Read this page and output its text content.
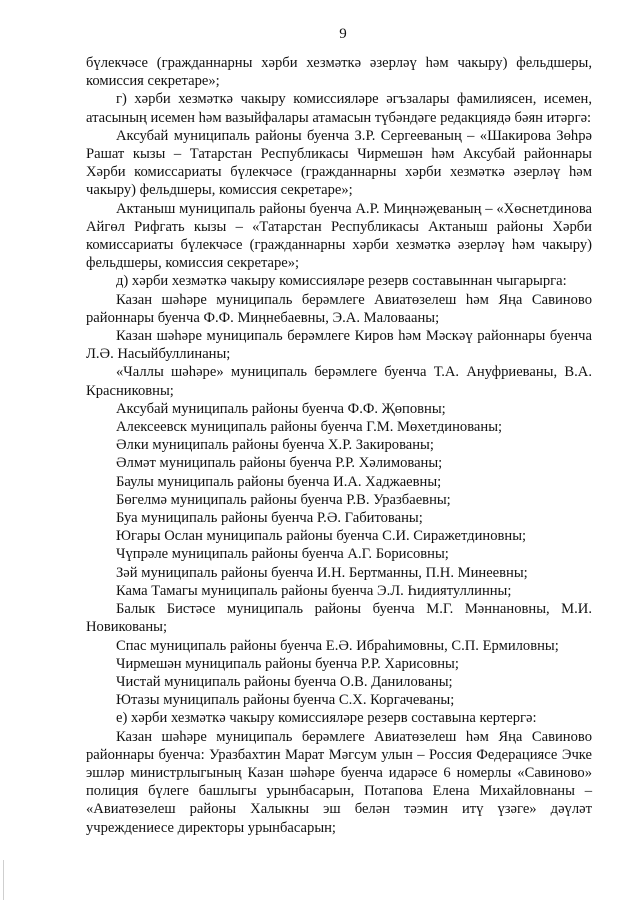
9

бүлекчәсе (гражданнарны хәрби хезмәткә әзерләү һәм чакыру) фельдшеры, комиссия секретаре»;

г) хәрби хезмәткә чакыру комиссияләре әгъзалары фамилиясен, исемен, атасының исемен һәм вазыйфалары атамасын түбәндәге редакциядә бәян итәргә:

Аксубай муниципаль районы буенча З.Р. Сергееваның – «Шакирова Зөһрә Рашат кызы – Татарстан Республикасы Чирмешән һәм Аксубай районнары Хәрби комиссариаты бүлекчәсе (гражданнарны хәрби хезмәткә әзерләү һәм чакыру) фельдшеры, комиссия секретаре»;

Актаныш муниципаль районы буенча А.Р. Миңнәҗеваның – «Хөснетдинова Айгөл Рифгать кызы – «Татарстан Республикасы Актаныш районы Хәрби комиссариаты бүлекчәсе (гражданнарны хәрби хезмәткә әзерләү һәм чакыру) фельдшеры, комиссия секретаре»;

д) хәрби хезмәткә чакыру комиссияләре резерв составыннан чыгарырга:

Казан шәһәре муниципаль берәмлеге Авиатөзелеш һәм Яңа Савиново районнары буенча Ф.Ф. Миңнебаевны, Э.А. Маловааны;

Казан шәһәре муниципаль берәмлеге Киров һәм Мәскәү районнары буенча Л.Ә. Насыйбуллинаны;

«Чаллы шәһәре» муниципаль берәмлеге буенча Т.А. Ануфриеваны, В.А. Красниковны;

Аксубай муниципаль районы буенча Ф.Ф. Җөповны;

Алексеевск муниципаль районы буенча Г.М. Мөхетдинованы;

Әлки муниципаль районы буенча Х.Р. Закированы;

Әлмәт муниципаль районы буенча Р.Р. Хәлимованы;

Баулы муниципаль районы буенча И.А. Хаджаевны;

Бөгелмә муниципаль районы буенча Р.В. Уразбаевны;

Буа муниципаль районы буенча Р.Ә. Габитованы;

Югары Ослан муниципаль районы буенча С.И. Сиражетдиновны;

Чүпрәле муниципаль районы буенча А.Г. Борисовны;

Зәй муниципаль районы буенча И.Н. Бертманны, П.Н. Минеевны;

Кама Тамагы муниципаль районы буенча Э.Л. Һидиятуллинны;

Балык Бистәсе муниципаль районы буенча М.Г. Мәннановны, М.И. Новикованы;

Спас муниципаль районы буенча Е.Ә. Ибраһимовны, С.П. Ермиловны;

Чирмешән муниципаль районы буенча Р.Р. Харисовны;

Чистай муниципаль районы буенча О.В. Данилованы;

Ютазы муниципаль районы буенча С.Х. Коргачеваны;

е) хәрби хезмәткә чакыру комиссияләре резерв составына кертергә:

Казан шәһәре муниципаль берәмлеге Авиатөзелеш һәм Яңа Савиново районнары буенча: Уразбахтин Марат Мәгсум улын – Россия Федерациясе Эчке эшләр министрлыгының Казан шәһәре буенча идарәсе 6 номерлы «Савиново» полиция бүлеге башлыгы урынбасарын, Потапова Елена Михайловнаны – «Авиатөзелеш районы Халыкны эш белән тәэмин итү үзәге» дәүләт учреждениесе директоры урынбасарын;
